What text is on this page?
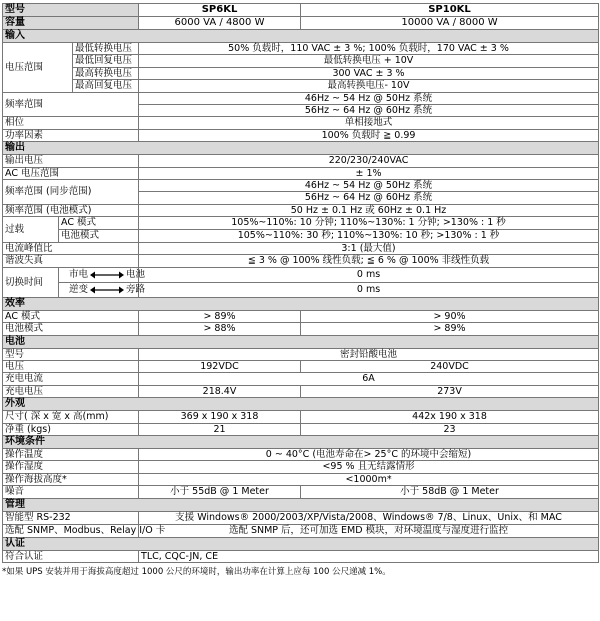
型号			SP6KL	SP10KL
容量			6000 VA / 4800 W	10000 VA / 8000 W
输入				
电压范围		最低转换电压	50% 负载时，110 VAC ± 3 %; 100% 负载时，170 VAC ± 3 %	
		最低回复电压	最低转换电压 + 10V	
		最高转换电压	300 VAC ± 3 %	
		最高回复电压	最高转换电压- 10V	
频率范围			46Hz ~ 54 Hz @ 50Hz 系统	
			56Hz ~ 64 Hz @ 60Hz 系统	
相位			单相接地式	
功率因素			100% 负载时 ≧ 0.99	
输出				
输出电压			220/230/240VAC	
AC 电压范围			± 1%	
频率范围 (同步范围)			46Hz ~ 54 Hz @ 50Hz 系统	
			56Hz ~ 64 Hz @ 60Hz 系统	
频率范围 (电池模式)			50 Hz ± 0.1 Hz 或 60Hz ± 0.1 Hz	
过载	AC 模式		105%~110%: 10 分钟; 110%~130%: 1 分钟; >130% : 1 秒	
	电池模式		105%~110%: 30 秒; 110%~130%: 10 秒; >130% : 1 秒	
电流峰值比			3:1 (最大值)	
谐波失真			≦ 3 % @ 100% 线性负载; ≦ 6 % @ 100% 非线性负载	
切换时间	市电 电池		0 ms	

	逆变 旁路		0 ms	
效率				
AC 模式			> 89%	> 90%
电池模式			> 88%	> 89%
电池				
型号			密封铅酸电池	
电压			192VDC	240VDC
充电电流			6A	
充电电压			218.4V	273V
外观				
尺寸( 深 x 宽 x 高(mm)			369 x 190 x 318	442x 190 x 318
净重 (kgs)			21	23
环境条件				
操作温度			0 ~ 40°C (电池寿命在> 25°C 的环境中会缩短)	
操作湿度			<95 % 且无结露情形	
操作海拔高度*			<1000m*	
噪音			小于 55dB @ 1 Meter	小于 58dB @ 1 Meter
管理				
智能型 RS-232			支援 Windows® 2000/2003/XP/Vista/2008、Windows® 7/8、Linux、Unix、和 MAC	
选配 SNMP、Modbus、Relay I/O 卡			选配 SNMP 后，还可加选 EMD 模块，对环境温度与湿度进行监控	
认证				
符合认证			TLC, CQC-JN, CE	
*如果 UPS 安装并用于海拔高度超过 1000 公尺的环境时，输出功率在计算上应每 100 公尺递减 1%。
